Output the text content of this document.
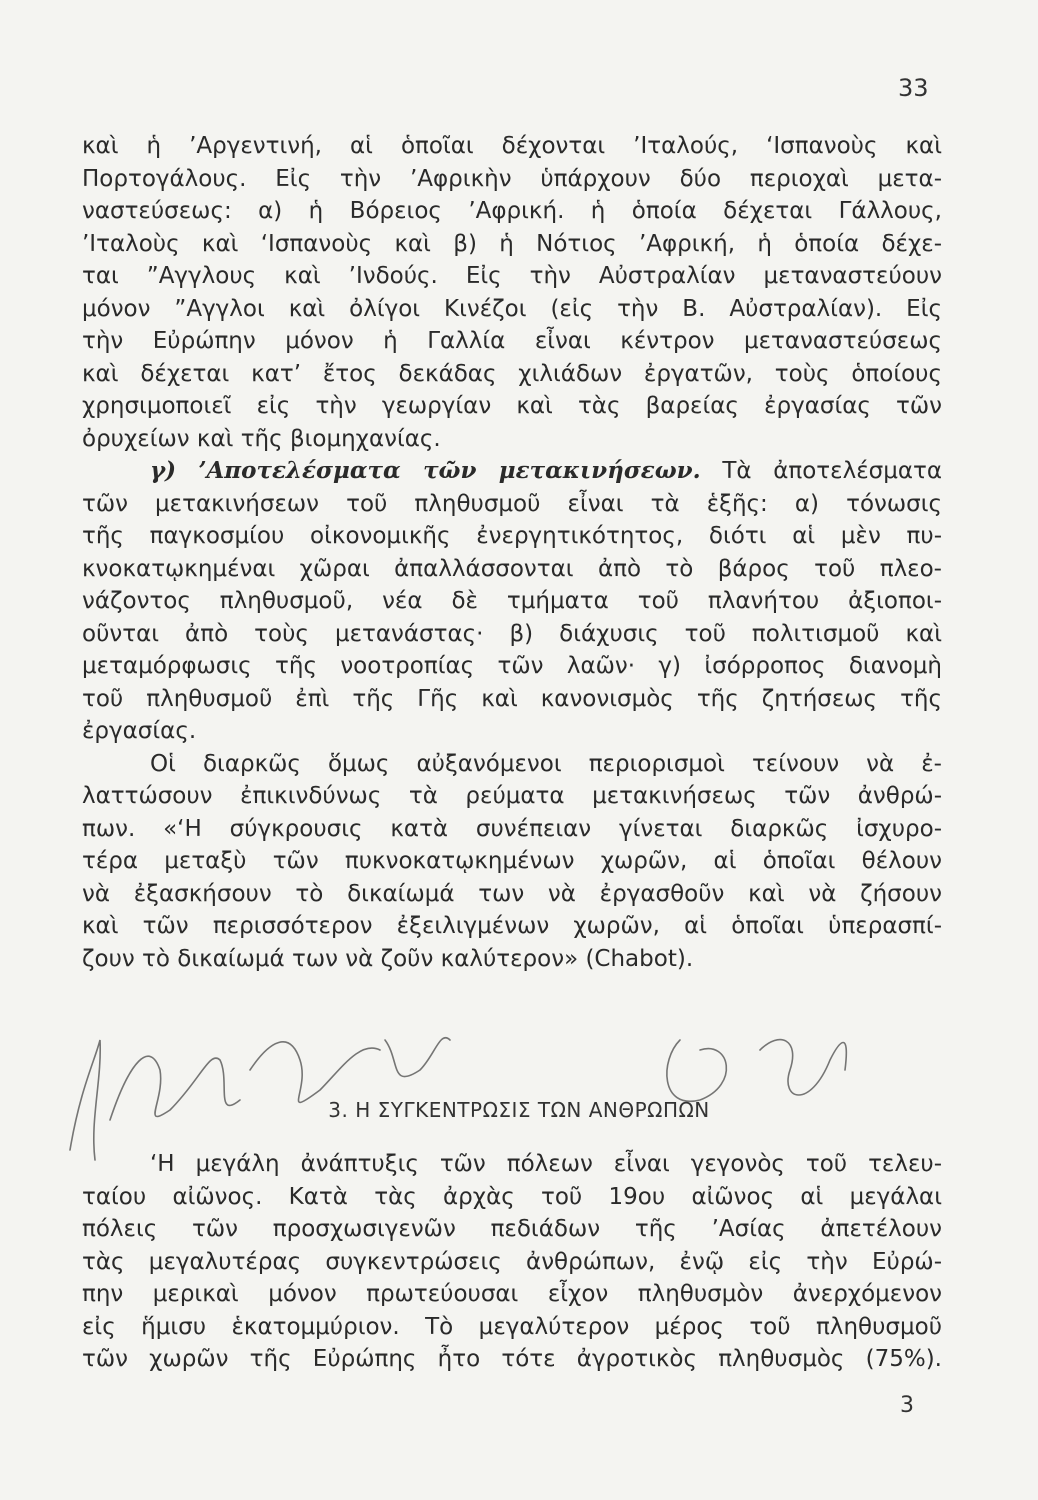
33
καὶ ἡ ’Αργεντινή, αἱ ὁποῖαι δέχονται ’Ιταλούς, ‘Ισπανοὺς καὶ
Πορτογάλους. Εἰς τὴν ’Αφρικὴν ὑπάρχουν δύο περιοχαὶ μετα-
ναστεύσεως: α) ἡ Βόρειος ’Αφρική. ἡ ὁποία δέχεται Γάλλους,
’Ιταλοὺς καὶ ‘Ισπανοὺς καὶ β) ἡ Νότιος ’Αφρική, ἡ ὁποία δέχε-
ται ”Αγγλους καὶ ’Ινδούς. Εἰς τὴν Αὐστραλίαν μεταναστεύουν
μόνον ”Αγγλοι καὶ ὀλίγοι Κινέζοι (εἰς τὴν Β. Αὐστραλίαν). Εἰς
τὴν Εὐρώπην μόνον ἡ Γαλλία εἶναι κέντρον μεταναστεύσεως
καὶ δέχεται κατ’ ἔτος δεκάδας χιλιάδων ἐργατῶν, τοὺς ὁποίους
χρησιμοποιεῖ εἰς τὴν γεωργίαν καὶ τὰς βαρείας ἐργασίας τῶν
ὀρυχείων καὶ τῆς βιομηχανίας.
γ) ’Αποτελέσματα τῶν μετακινήσεων. Τὰ ἀποτελέσματα
τῶν μετακινήσεων τοῦ πληθυσμοῦ εἶναι τὰ ἑξῆς: α) τόνωσις
τῆς παγκοσμίου οἰκονομικῆς ἐνεργητικότητος, διότι αἱ μὲν πυ-
κνοκατῳκημέναι χῶραι ἀπαλλάσσονται ἀπὸ τὸ βάρος τοῦ πλεο-
νάζοντος πληθυσμοῦ, νέα δὲ τμήματα τοῦ πλανήτου ἀξιοποι-
οῦνται ἀπὸ τοὺς μετανάστας· β) διάχυσις τοῦ πολιτισμοῦ καὶ
μεταμόρφωσις τῆς νοοτροπίας τῶν λαῶν· γ) ἰσόρροπος διανομὴ
τοῦ πληθυσμοῦ ἐπὶ τῆς Γῆς καὶ κανονισμὸς τῆς ζητήσεως τῆς
ἐργασίας.
Οἱ διαρκῶς ὅμως αὐξανόμενοι περιορισμοὶ τείνουν νὰ ἐ-
λαττώσουν ἐπικινδύνως τὰ ρεύματα μετακινήσεως τῶν ἀνθρώ-
πων. «‘Η σύγκρουσις κατὰ συνέπειαν γίνεται διαρκῶς ἰσχυρο-
τέρα μεταξὺ τῶν πυκνοκατῳκημένων χωρῶν, αἱ ὁποῖαι θέλουν
νὰ ἐξασκήσουν τὸ δικαίωμά των νὰ ἐργασθοῦν καὶ νὰ ζήσουν
καὶ τῶν περισσότερον ἐξειλιγμένων χωρῶν, αἱ ὁποῖαι ὑπερασπί-
ζουν τὸ δικαίωμά των νὰ ζοῦν καλύτερον» (Chabot).
3. Η ΣΥΓΚΕΝΤΡΩΣΙΣ ΤΩΝ ΑΝΘΡΩΠΩΝ
‘Η μεγάλη ἀνάπτυξις τῶν πόλεων εἶναι γεγονὸς τοῦ τελευ-
ταίου αἰῶνος. Κατὰ τὰς ἀρχὰς τοῦ 19ου αἰῶνος αἱ μεγάλαι
πόλεις τῶν προσχωσιγενῶν πεδιάδων τῆς ’Ασίας ἀπετέλουν
τὰς μεγαλυτέρας συγκεντρώσεις ἀνθρώπων, ἐνῷ εἰς τὴν Εὐρώ-
πην μερικαὶ μόνον πρωτεύουσαι εἶχον πληθυσμὸν ἀνερχόμενον
εἰς ἥμισυ ἑκατομμύριον. Τὸ μεγαλύτερον μέρος τοῦ πληθυσμοῦ
τῶν χωρῶν τῆς Εὐρώπης ἦτο τότε ἀγροτικὸς πληθυσμὸς (75%).
3
